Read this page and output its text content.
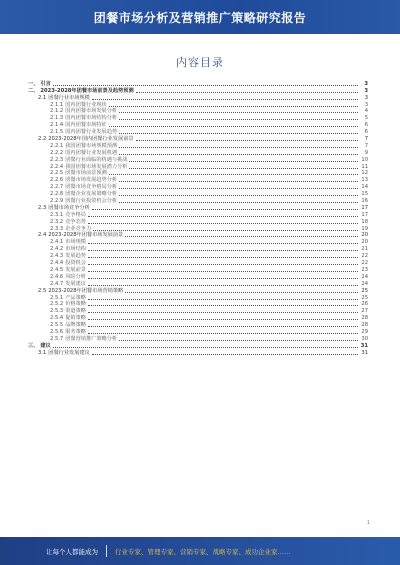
团餐市场分析及营销推广策略研究报告
内容目录
一、 引言	3
二、 2023-2028年团餐市场前景及趋势预测	3
2.1 团餐行业市场规模	3
2.1.1 国内团餐行业现状	3
2.1.2 国内团餐市场发展分析	4
2.1.3 国内团餐市场结构分析	5
2.1.4 国内团餐市场特征	6
2.1.5 国内团餐行业发展趋势	6
2.2 2023-2028年国内团餐行业发展前景	7
2.2.1 我国团餐市场规模预测	7
2.2.2 国内团餐行业发展机遇	9
2.2.3 团餐行业面临的机遇与挑战	10
2.2.4 我国团餐市场发展潜力分析	11
2.2.5 团餐市场前景预测	12
2.2.6 团餐市场发展趋势分析	13
2.2.7 团餐市场竞争格局分析	14
2.2.8 团餐企业发展策略分析	15
2.2.9 团餐行业投资机会分析	16
2.3 团餐市场竞争分析	17
2.3.1 竞争格局	17
2.3.2 竞争态势	18
2.3.3 企业竞争力	19
2.4 2023-2028年团餐市场发展前景	20
2.4.1 市场规模	20
2.4.2 市场结构	21
2.4.3 发展趋势	22
2.4.4 投资机会	22
2.4.5 发展前景	23
2.4.6 风险分析	24
2.4.7 发展建议	24
2.5 2023-2028年团餐市场营销策略	25
2.5.1 产品策略	25
2.5.2 价格策略	26
2.5.3 渠道策略	27
2.5.4 促销策略	28
2.5.5 品牌策略	28
2.5.6 服务策略	29
2.5.7 团餐营销推广策略分析	30
三、 建议	31
3.1 团餐行业发展建议	31
1
让每个人都能成为	行业专家、管理专家、营销专家、战略专家、成功企业家……
